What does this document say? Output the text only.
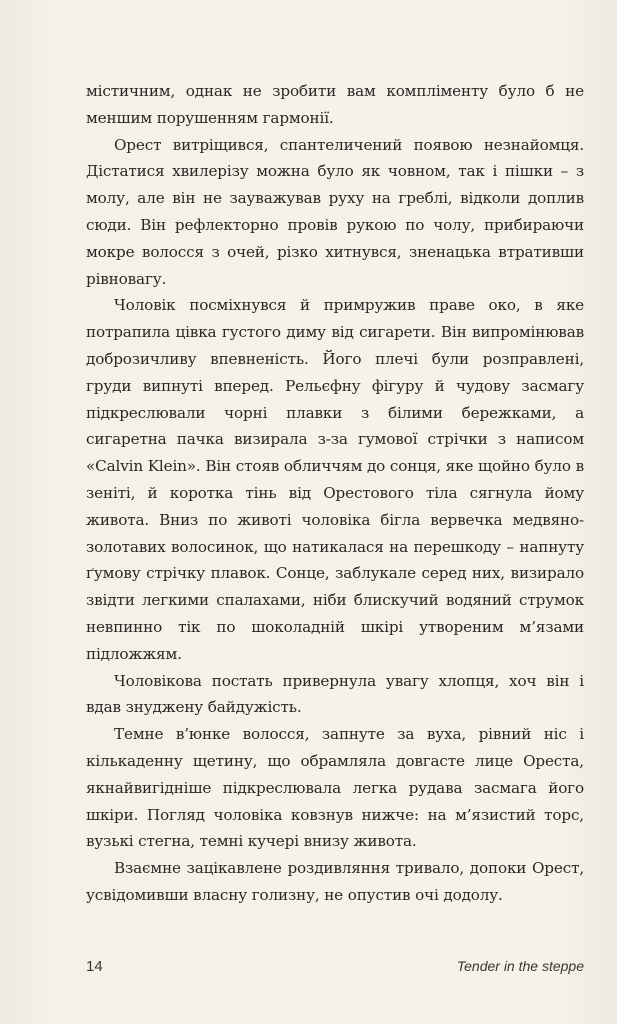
містичним, однак не зробити вам компліменту було б не меншим порушенням гармонії.

Орест витріщився, спантеличений появою незнайомця. Дістатися хвилерізу можна було як човном, так і пішки – з молу, але він не зауважував руху на греблі, відколи доплив сюди. Він рефлекторно провів рукою по чолу, прибираючи мокре волосся з очей, різко хитнувся, зненацька втративши рівновагу.

Чоловік посміхнувся й примружив праве око, в яке потрапила цівка густого диму від сигарети. Він випромінював доброзичливу впевненість. Його плечі були розправлені, груди випнуті вперед. Рельєфну фігуру й чудову засмагу підкреслювали чорні плавки з білими бережками, а сигаретна пачка визирала з-за гумової стрічки з написом «Calvin Klein». Він стояв обличчям до сонця, яке щойно було в зеніті, й коротка тінь від Орестового тіла сягнула йому живота. Вниз по животі чоловіка бігла вервечка медвяно-золотавих волосинок, що натикалася на перешкоду – напнуту ґумову стрічку плавок. Сонце, заблукале серед них, визирало звідти легкими спалахами, ніби блискучий водяний струмок невпинно тік по шоколадній шкірі утвореним м’язами підложжям.

Чоловікова постать привернула увагу хлопця, хоч він і вдав знуджену байдужість.

Темне в’юнке волосся, запнуте за вуха, рівний ніс і кількаденну щетину, що обрамляла довгасте лице Ореста, якнайвигідніше підкреслювала легка рудава засмага його шкіри. Погляд чоловіка ковзнув нижче: на м’язистий торс, вузькі стегна, темні кучері внизу живота.

Взаємне зацікавлене роздивляння тривало, допоки Орест, усвідомивши власну голизну, не опустив очі додолу.

14	Tender in the steppe
